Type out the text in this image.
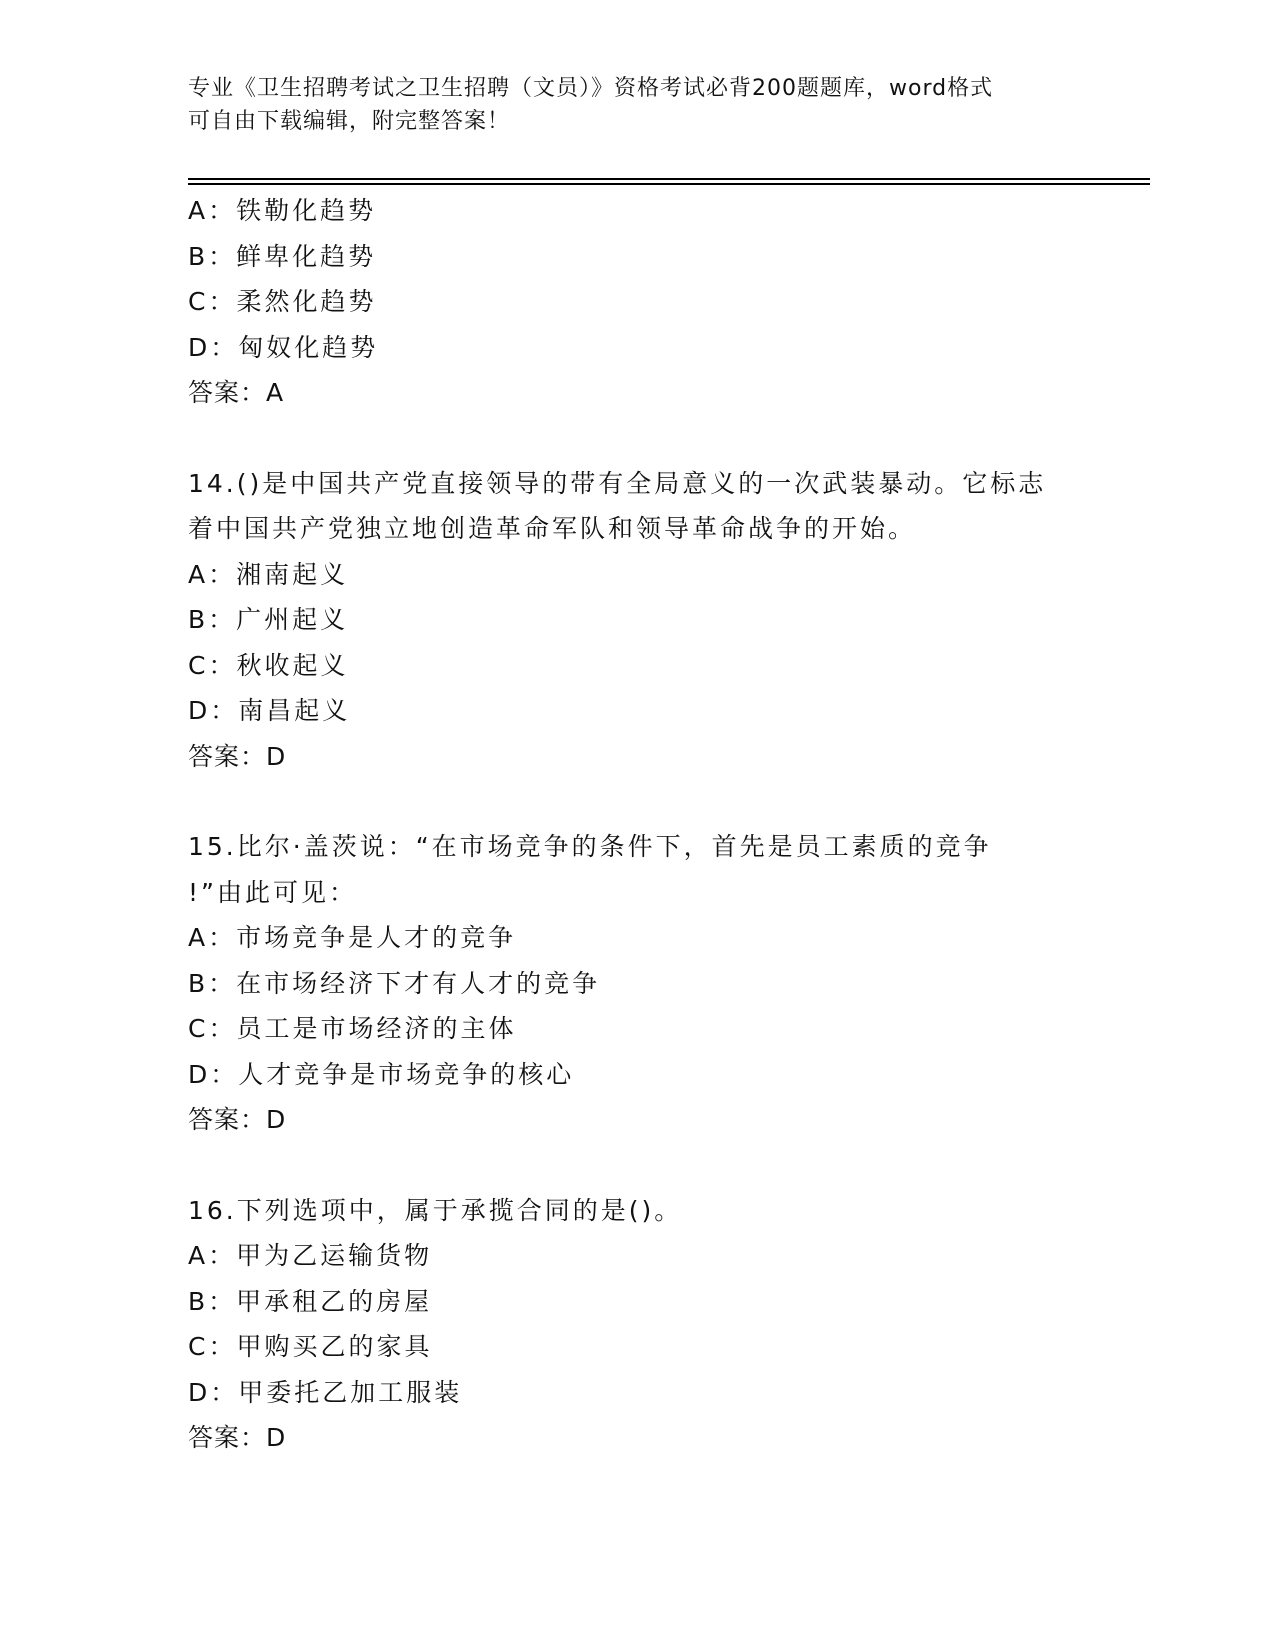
专业《卫生招聘考试之卫生招聘（文员）》资格考试必背200题题库，word格式
可自由下载编辑，附完整答案！
A：铁勒化趋势
B：鲜卑化趋势
C：柔然化趋势
D：匈奴化趋势
答案：A
14.()是中国共产党直接领导的带有全局意义的一次武装暴动。它标志
着中国共产党独立地创造革命军队和领导革命战争的开始。
A：湘南起义
B：广州起义
C：秋收起义
D：南昌起义
答案：D
15.比尔·盖茨说：“在市场竞争的条件下，首先是员工素质的竞争
!”由此可见：
A：市场竞争是人才的竞争
B：在市场经济下才有人才的竞争
C：员工是市场经济的主体
D：人才竞争是市场竞争的核心
答案：D
16.下列选项中，属于承揽合同的是()。
A：甲为乙运输货物
B：甲承租乙的房屋
C：甲购买乙的家具
D：甲委托乙加工服装
答案：D
